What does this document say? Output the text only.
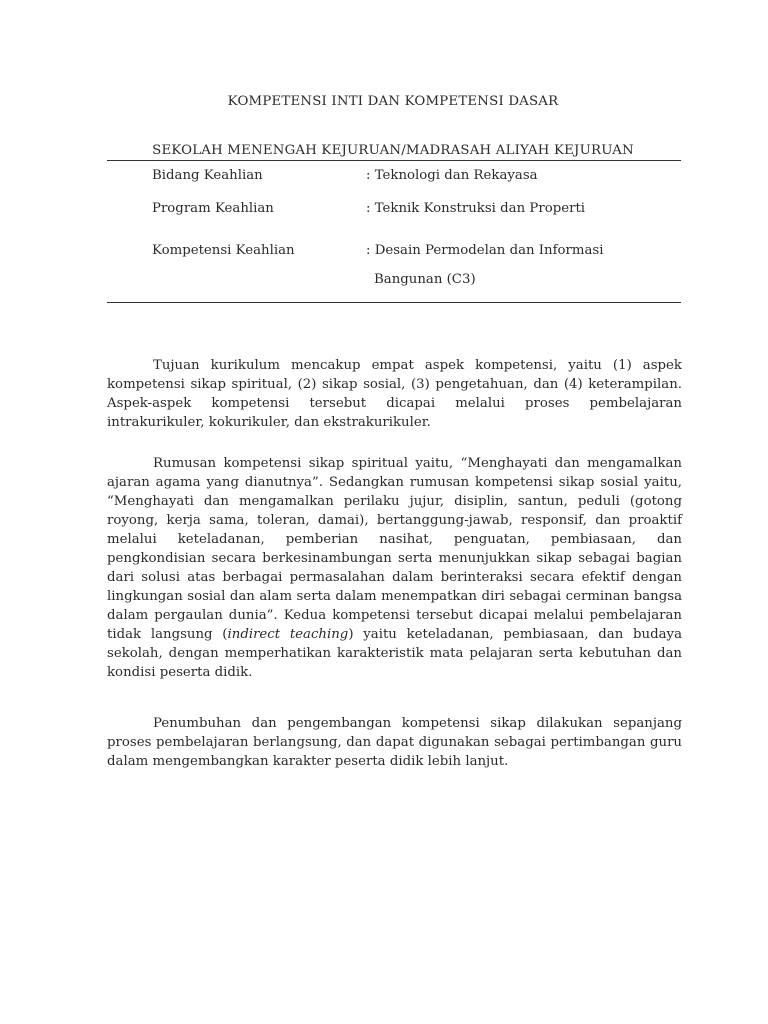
KOMPETENSI INTI DAN KOMPETENSI DASAR
SEKOLAH MENENGAH KEJURUAN/MADRASAH ALIYAH KEJURUAN
Bidang Keahlian	: Teknologi dan Rekayasa
Program Keahlian	: Teknik Konstruksi dan Properti
Kompetensi Keahlian	: Desain Permodelan dan Informasi
Bangunan (C3)

Tujuan kurikulum mencakup empat aspek kompetensi, yaitu (1) aspek kompetensi sikap spiritual, (2) sikap sosial, (3) pengetahuan, dan (4) keterampilan. Aspek-aspek kompetensi tersebut dicapai melalui proses pembelajaran intrakurikuler, kokurikuler, dan ekstrakurikuler.

Rumusan kompetensi sikap spiritual yaitu, “Menghayati dan mengamalkan ajaran agama yang dianutnya”. Sedangkan rumusan kompetensi sikap sosial yaitu, “Menghayati dan mengamalkan perilaku jujur, disiplin, santun, peduli (gotong royong, kerja sama, toleran, damai), bertanggung-jawab, responsif, dan proaktif melalui keteladanan, pemberian nasihat, penguatan, pembiasaan, dan pengkondisian secara berkesinambungan serta menunjukkan sikap sebagai bagian dari solusi atas berbagai permasalahan dalam berinteraksi secara efektif dengan lingkungan sosial dan alam serta dalam menempatkan diri sebagai cerminan bangsa dalam pergaulan dunia”. Kedua kompetensi tersebut dicapai melalui pembelajaran tidak langsung (indirect teaching) yaitu keteladanan, pembiasaan, dan budaya sekolah, dengan memperhatikan karakteristik mata pelajaran serta kebutuhan dan kondisi peserta didik.

Penumbuhan dan pengembangan kompetensi sikap dilakukan sepanjang proses pembelajaran berlangsung, dan dapat digunakan sebagai pertimbangan guru dalam mengembangkan karakter peserta didik lebih lanjut.
